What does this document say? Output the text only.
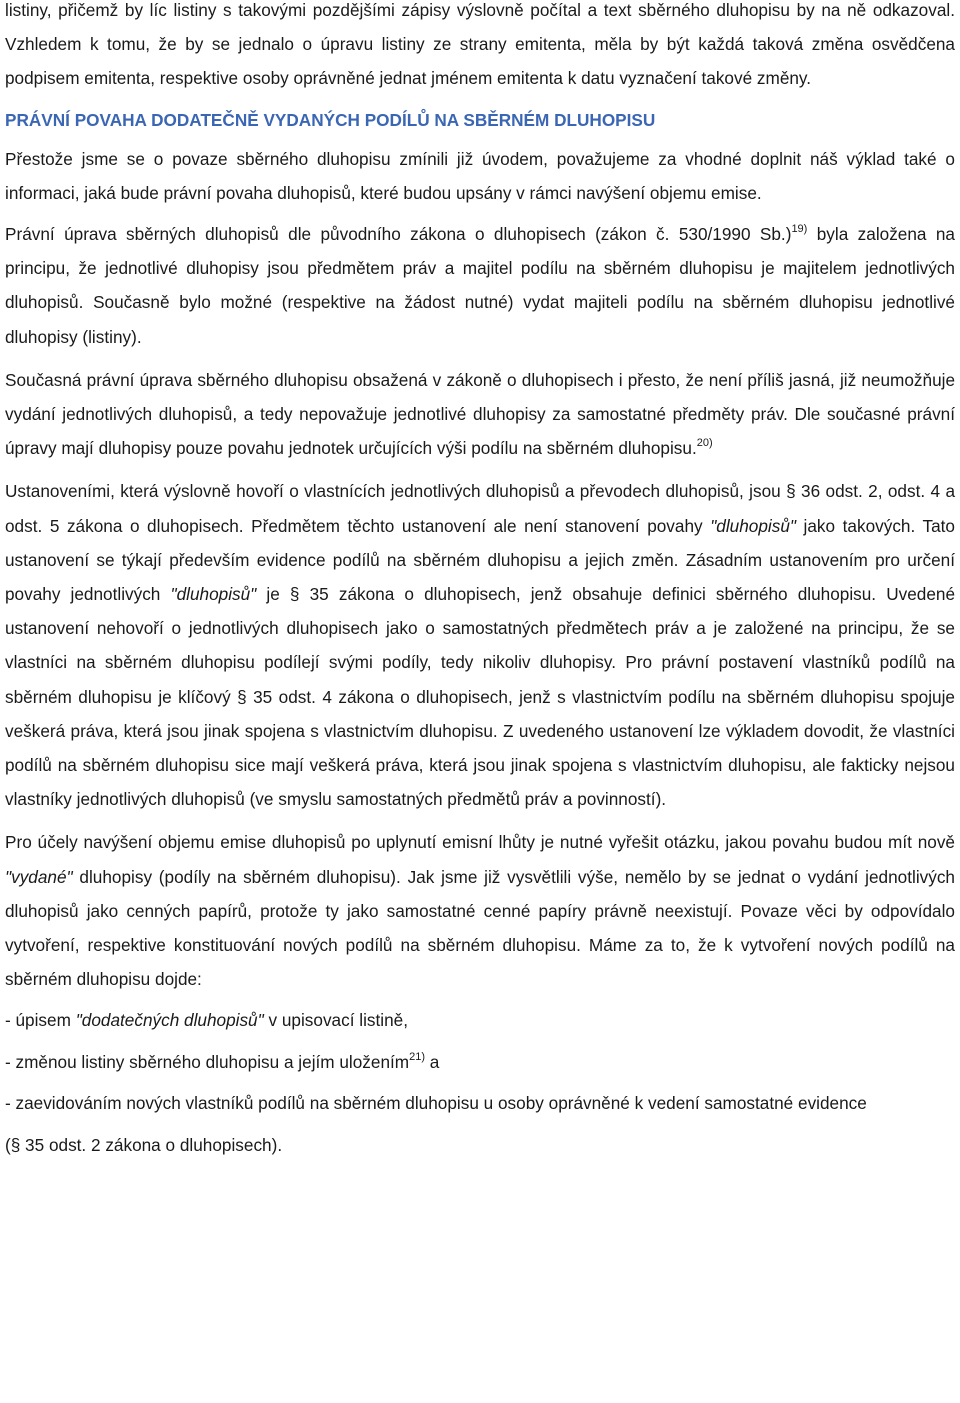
listiny, přičemž by líc listiny s takovými pozdějšími zápisy výslovně počítal a text sběrného dluhopisu by na ně odkazoval. Vzhledem k tomu, že by se jednalo o úpravu listiny ze strany emitenta, měla by být každá taková změna osvědčena podpisem emitenta, respektive osoby oprávněné jednat jménem emitenta k datu vyznačení takové změny.

PRÁVNÍ POVAHA DODATEČNĚ VYDANÝCH PODÍLŮ NA SBĚRNÉM DLUHOPISU

Přestože jsme se o povaze sběrného dluhopisu zmínili již úvodem, považujeme za vhodné doplnit náš výklad také o informaci, jaká bude právní povaha dluhopisů, které budou upsány v rámci navýšení objemu emise.

Právní úprava sběrných dluhopisů dle původního zákona o dluhopisech (zákon č. 530/1990 Sb.)$^{19)}$ byla založena na principu, že jednotlivé dluhopisy jsou předmětem práv a majitel podílu na sběrném dluhopisu je majitelem jednotlivých dluhopisů. Současně bylo možné (respektive na žádost nutné) vydat majiteli podílu na sběrném dluhopisu jednotlivé dluhopisy (listiny).

Současná právní úprava sběrného dluhopisu obsažená v zákoně o dluhopisech i přesto, že není příliš jasná, již neumožňuje vydání jednotlivých dluhopisů, a tedy nepovažuje jednotlivé dluhopisy za samostatné předměty práv. Dle současné právní úpravy mají dluhopisy pouze povahu jednotek určujících výši podílu na sběrném dluhopisu.$^{20)}$

Ustanoveními, která výslovně hovoří o vlastnících jednotlivých dluhopisů a převodech dluhopisů, jsou § 36 odst. 2, odst. 4 a odst. 5 zákona o dluhopisech. Předmětem těchto ustanovení ale není stanovení povahy "dluhopisů" jako takových. Tato ustanovení se týkají především evidence podílů na sběrném dluhopisu a jejich změn. Zásadním ustanovením pro určení povahy jednotlivých "dluhopisů" je § 35 zákona o dluhopisech, jenž obsahuje definici sběrného dluhopisu. Uvedené ustanovení nehovoří o jednotlivých dluhopisech jako o samostatných předmětech práv a je založené na principu, že se vlastníci na sběrném dluhopisu podílejí svými podíly, tedy nikoliv dluhopisy. Pro právní postavení vlastníků podílů na sběrném dluhopisu je klíčový § 35 odst. 4 zákona o dluhopisech, jenž s vlastnictvím podílu na sběrném dluhopisu spojuje veškerá práva, která jsou jinak spojena s vlastnictvím dluhopisu. Z uvedeného ustanovení lze výkladem dovodit, že vlastníci podílů na sběrném dluhopisu sice mají veškerá práva, která jsou jinak spojena s vlastnictvím dluhopisu, ale fakticky nejsou vlastníky jednotlivých dluhopisů (ve smyslu samostatných předmětů práv a povinností).

Pro účely navýšení objemu emise dluhopisů po uplynutí emisní lhůty je nutné vyřešit otázku, jakou povahu budou mít nově "vydané" dluhopisy (podíly na sběrném dluhopisu). Jak jsme již vysvětlili výše, nemělo by se jednat o vydání jednotlivých dluhopisů jako cenných papírů, protože ty jako samostatné cenné papíry právně neexistují. Povaze věci by odpovídalo vytvoření, respektive konstituování nových podílů na sběrném dluhopisu. Máme za to, že k vytvoření nových podílů na sběrném dluhopisu dojde:

- úpisem "dodatečných dluhopisů" v upisovací listině,

- změnou listiny sběrného dluhopisu a jejím uložením$^{21)}$ a

- zaevidováním nových vlastníků podílů na sběrném dluhopisu u osoby oprávněné k vedení samostatné evidence

(§ 35 odst. 2 zákona o dluhopisech).
